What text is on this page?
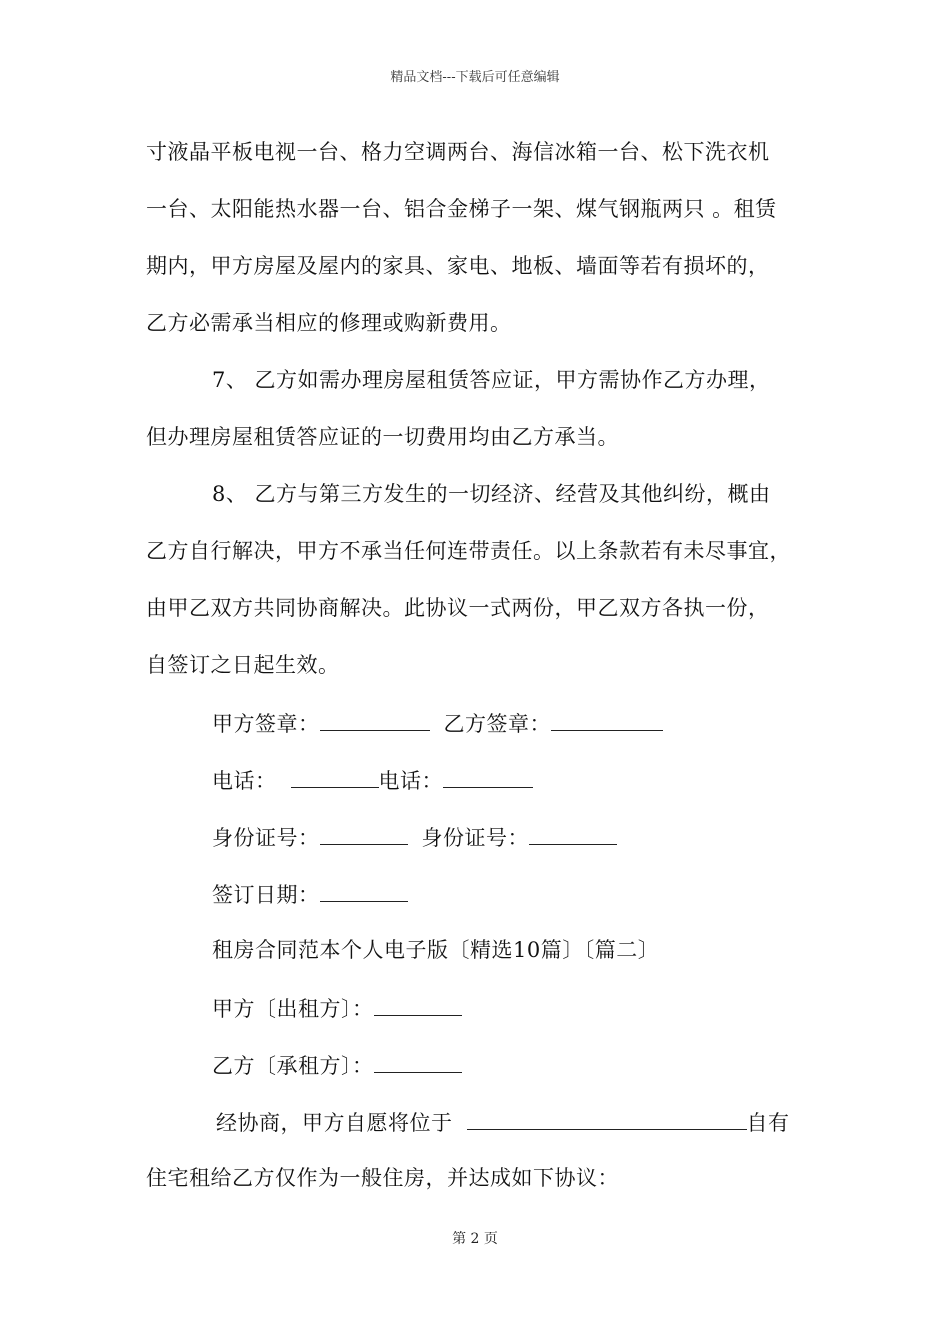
精品文档---下载后可任意编辑
寸液晶平板电视一台、格力空调两台、海信冰箱一台、松下洗衣机
一台、太阳能热水器一台、铝合金梯子一架、煤气钢瓶两只 。租赁
期内，甲方房屋及屋内的家具、家电、地板、墙面等若有损坏的，
乙方必需承当相应的修理或购新费用。
7、 乙方如需办理房屋租赁答应证，甲方需协作乙方办理，
但办理房屋租赁答应证的一切费用均由乙方承当。
8、 乙方与第三方发生的一切经济、经营及其他纠纷，概由
乙方自行解决，甲方不承当任何连带责任。以上条款若有未尽事宜，
由甲乙双方共同协商解决。此协议一式两份，甲乙双方各执一份，
自签订之日起生效。
甲方签章：	乙方签章：
电话：	电话：
身份证号：	身份证号：
签订日期：
租房合同范本个人电子版〔精选10篇〕〔篇二〕
甲方〔出租方〕：
乙方〔承租方〕：
经协商，甲方自愿将位于	自有
住宅租给乙方仅作为一般住房，并达成如下协议：
第 2 页
